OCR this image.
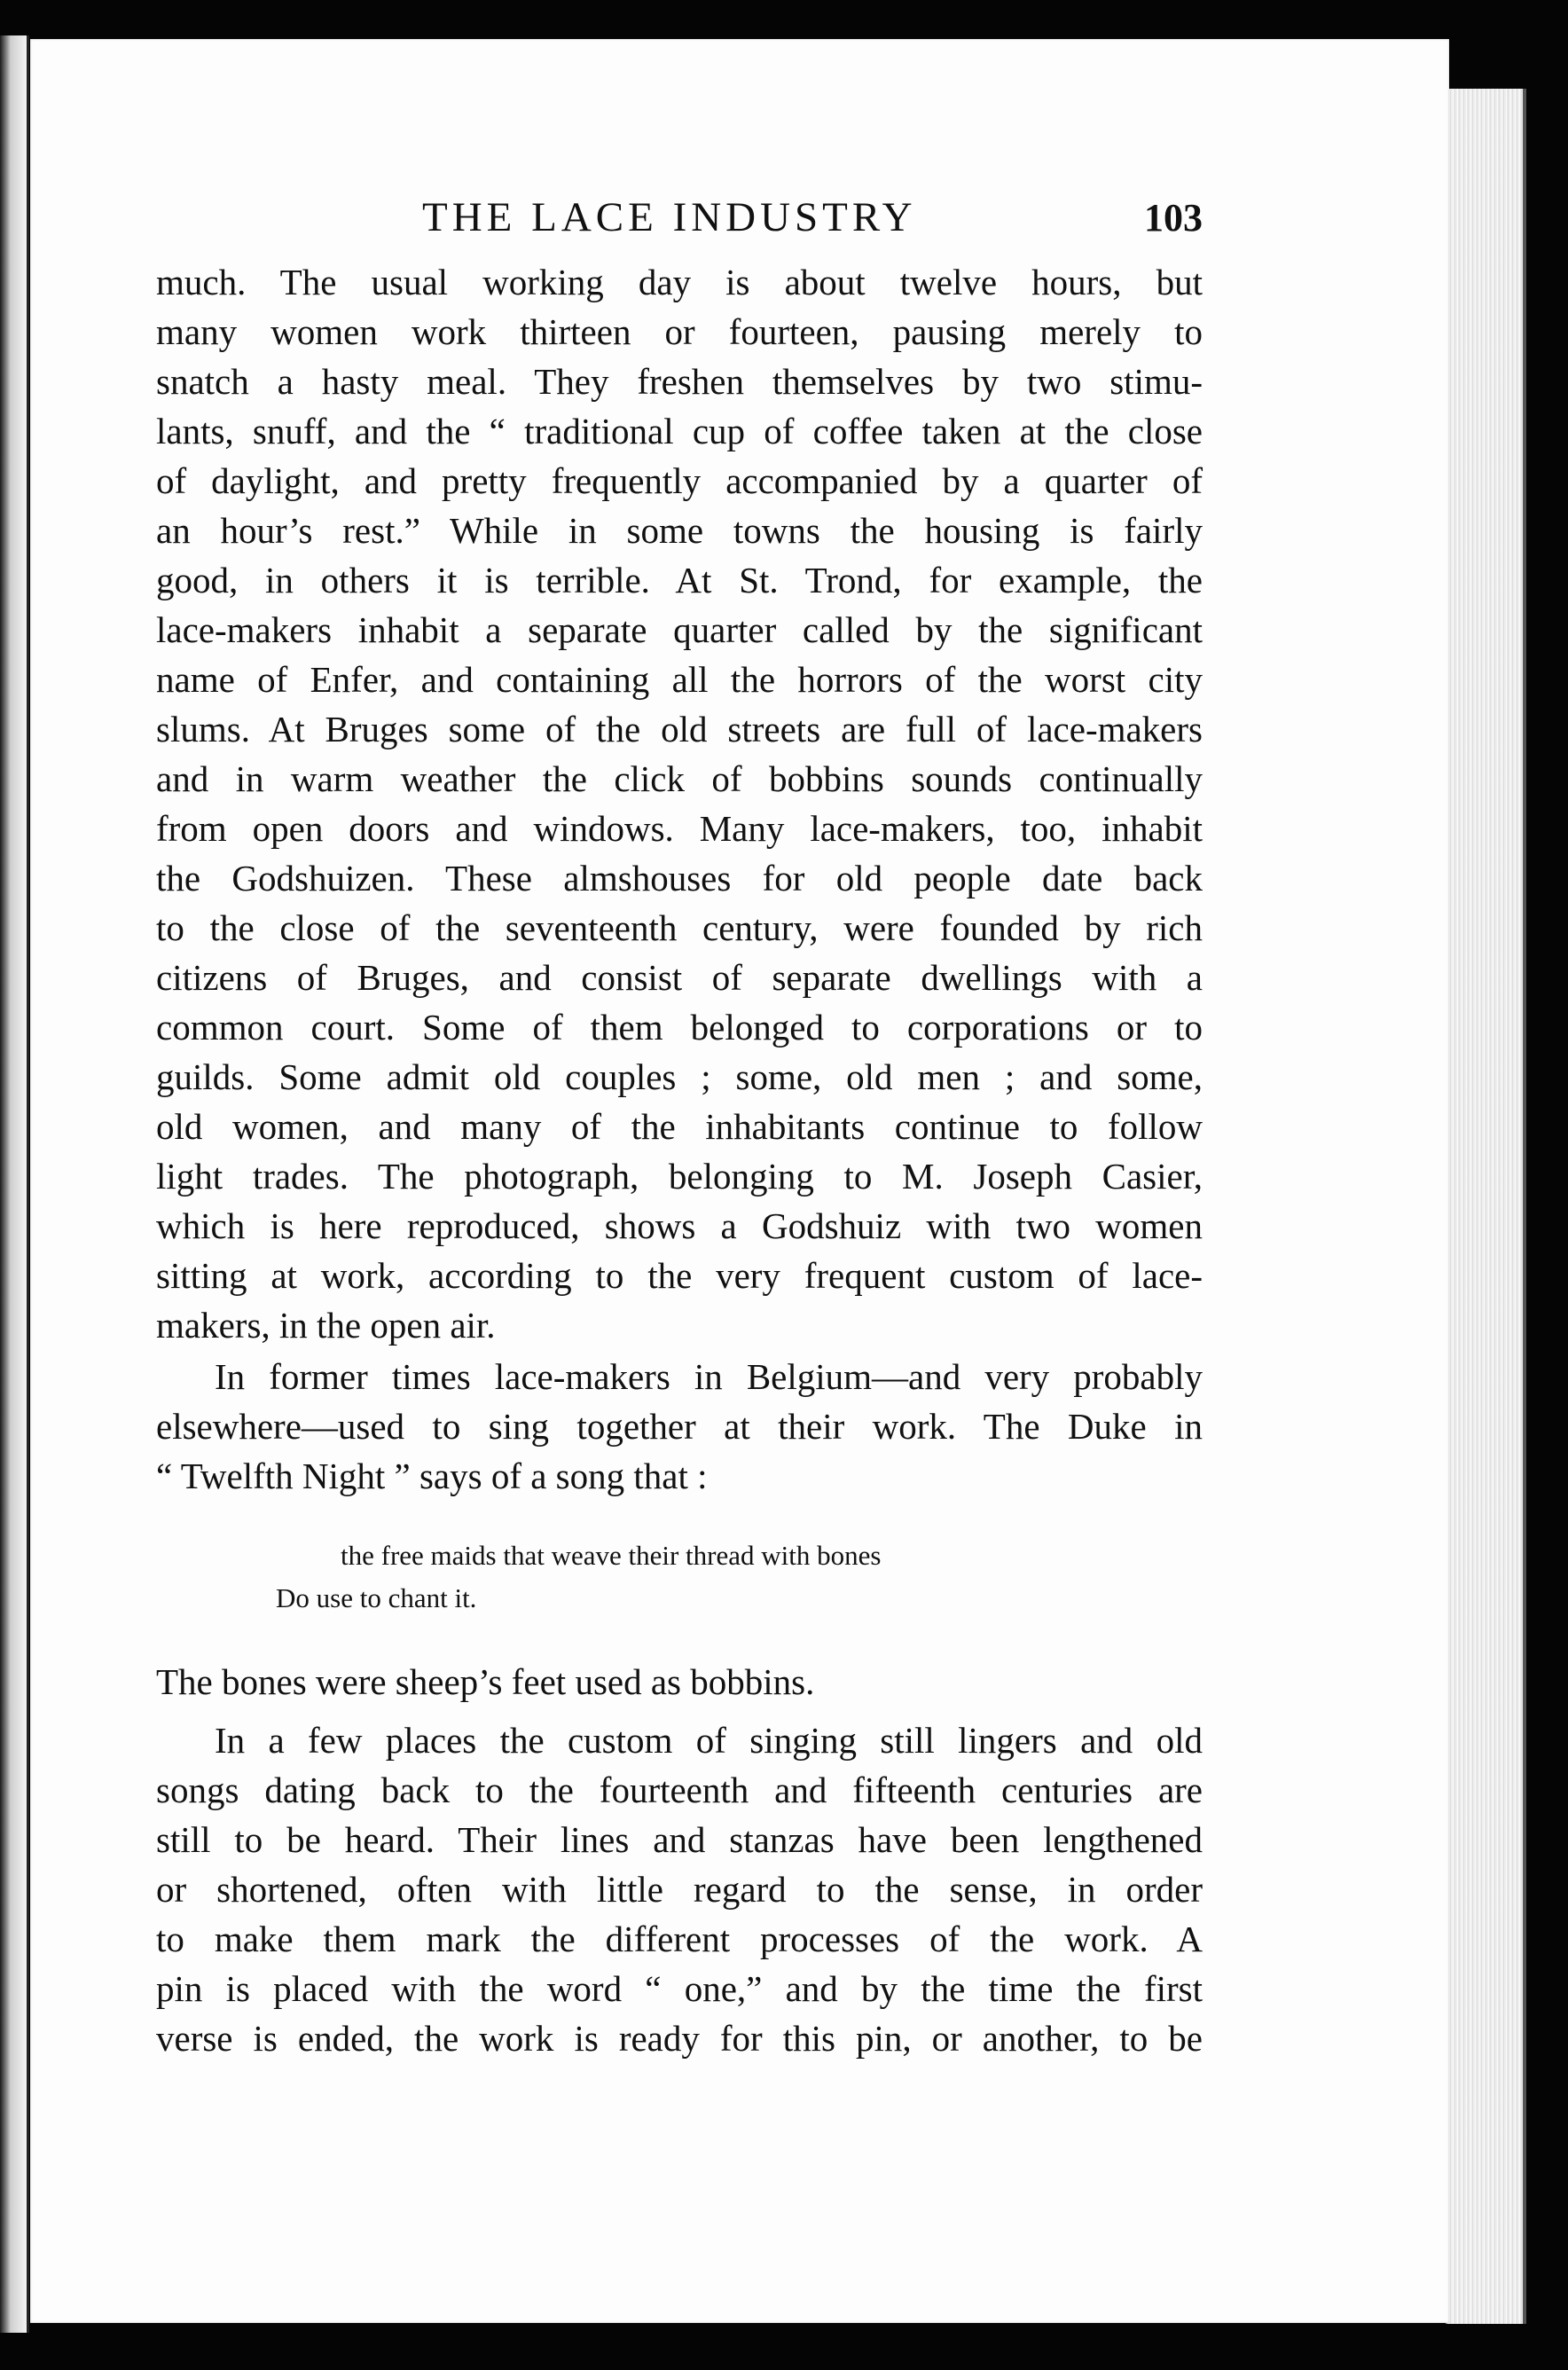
THE LACE INDUSTRY	103
much. The usual working day is about twelve hours, but
many women work thirteen or fourteen, pausing merely to
snatch a hasty meal. They freshen themselves by two stimu-
lants, snuff, and the “ traditional cup of coffee taken at the close
of daylight, and pretty frequently accompanied by a quarter of
an hour’s rest.” While in some towns the housing is fairly
good, in others it is terrible. At St. Trond, for example, the
lace-makers inhabit a separate quarter called by the significant
name of Enfer, and containing all the horrors of the worst city
slums. At Bruges some of the old streets are full of lace-makers
and in warm weather the click of bobbins sounds continually
from open doors and windows. Many lace-makers, too, inhabit
the Godshuizen. These almshouses for old people date back
to the close of the seventeenth century, were founded by rich
citizens of Bruges, and consist of separate dwellings with a
common court. Some of them belonged to corporations or to
guilds. Some admit old couples ; some, old men ; and some,
old women, and many of the inhabitants continue to follow
light trades. The photograph, belonging to M. Joseph Casier,
which is here reproduced, shows a Godshuiz with two women
sitting at work, according to the very frequent custom of lace-
makers, in the open air.
In former times lace-makers in Belgium—and very probably
elsewhere—used to sing together at their work. The Duke in
“ Twelfth Night ” says of a song that :
the free maids that weave their thread with bones
Do use to chant it.
The bones were sheep’s feet used as bobbins.
In a few places the custom of singing still lingers and old
songs dating back to the fourteenth and fifteenth centuries are
still to be heard. Their lines and stanzas have been lengthened
or shortened, often with little regard to the sense, in order
to make them mark the different processes of the work. A
pin is placed with the word “ one,” and by the time the first
verse is ended, the work is ready for this pin, or another, to be
